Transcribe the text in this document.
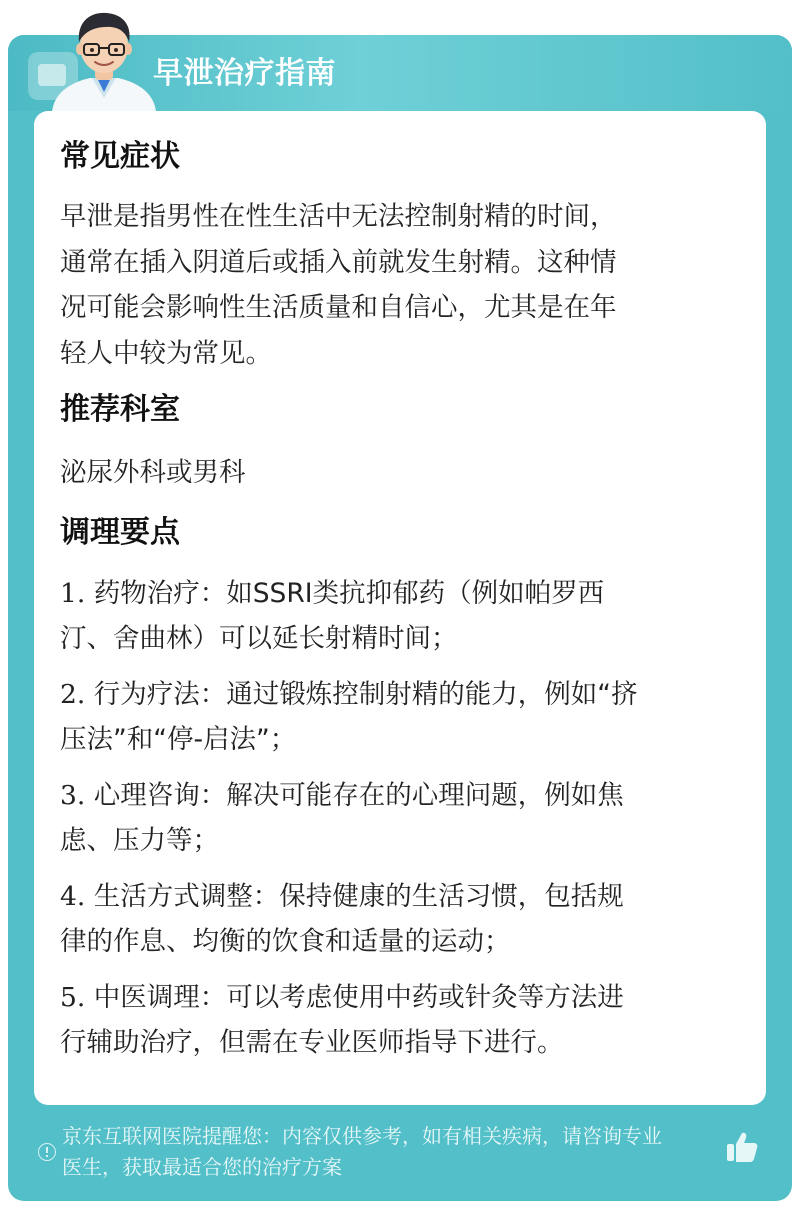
早泄治疗指南
常见症状

早泄是指男性在性生活中无法控制射精的时间，

通常在插入阴道后或插入前就发生射精。这种情

况可能会影响性生活质量和自信心，尤其是在年

轻人中较为常见。

推荐科室

泌尿外科或男科

调理要点

1. 药物治疗：如SSRI类抗抑郁药（例如帕罗西

汀、舍曲林）可以延长射精时间；

2. 行为疗法：通过锻炼控制射精的能力，例如“挤

压法”和“停-启法”；

3. 心理咨询：解决可能存在的心理问题，例如焦

虑、压力等；

4. 生活方式调整：保持健康的生活习惯，包括规

律的作息、均衡的饮食和适量的运动；

5. 中医调理：可以考虑使用中药或针灸等方法进

行辅助治疗，但需在专业医师指导下进行。

京东互联网医院提醒您：内容仅供参考，如有相关疾病，请咨询专业
医生，获取最适合您的治疗方案
